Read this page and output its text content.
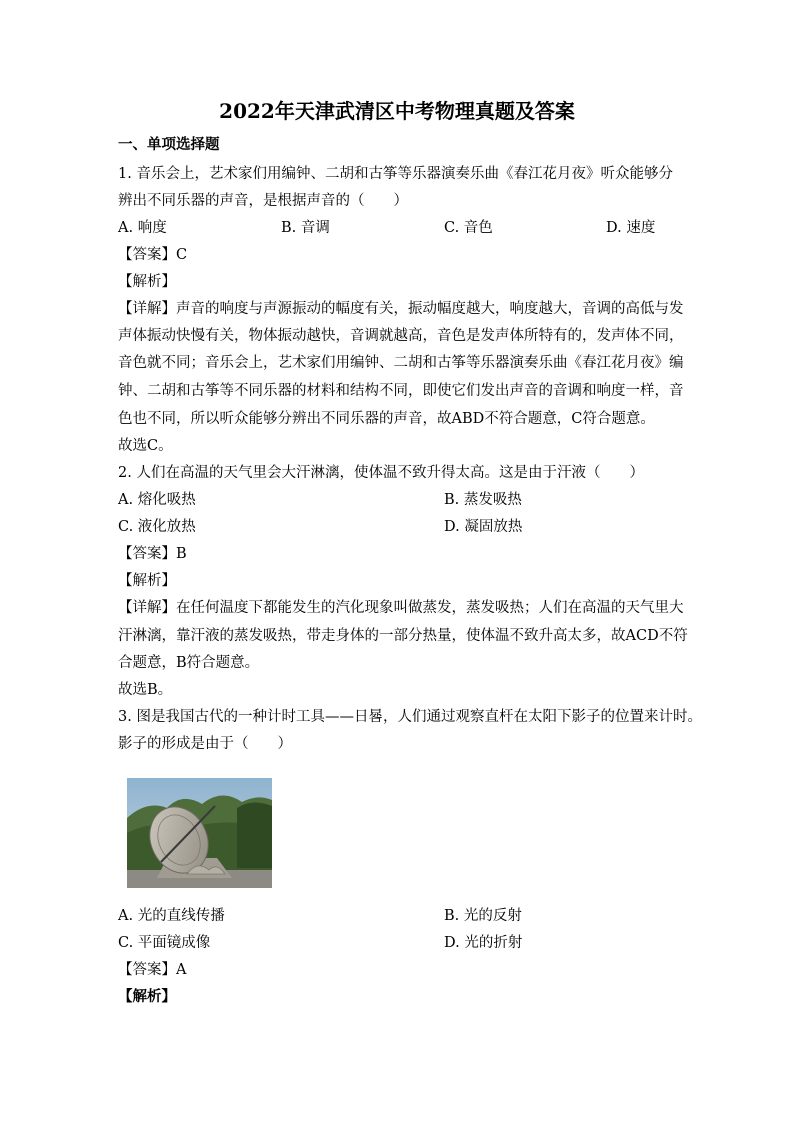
2022年天津武清区中考物理真题及答案
一、单项选择题
1. 音乐会上，艺术家们用编钟、二胡和古筝等乐器演奏乐曲《春江花月夜》听众能够分
辨出不同乐器的声音，是根据声音的（　　）
A. 响度	B. 音调	C. 音色	D. 速度
【答案】C
【解析】
【详解】声音的响度与声源振动的幅度有关，振动幅度越大，响度越大，音调的高低与发
声体振动快慢有关，物体振动越快，音调就越高，音色是发声体所特有的，发声体不同，
音色就不同；音乐会上，艺术家们用编钟、二胡和古筝等乐器演奏乐曲《春江花月夜》编
钟、二胡和古筝等不同乐器的材料和结构不同，即使它们发出声音的音调和响度一样，音
色也不同，所以听众能够分辨出不同乐器的声音，故ABD不符合题意，C符合题意。
故选C。
2. 人们在高温的天气里会大汗淋漓，使体温不致升得太高。这是由于汗液（　　）
A. 熔化吸热	B. 蒸发吸热
C. 液化放热	D. 凝固放热
【答案】B
【解析】
【详解】在任何温度下都能发生的汽化现象叫做蒸发，蒸发吸热；人们在高温的天气里大
汗淋漓，靠汗液的蒸发吸热，带走身体的一部分热量，使体温不致升高太多，故ACD不符
合题意，B符合题意。
故选B。
3. 图是我国古代的一种计时工具——日晷，人们通过观察直杆在太阳下影子的位置来计时。
影子的形成是由于（　　）
A. 光的直线传播	B. 光的反射
C. 平面镜成像	D. 光的折射
【答案】A
【解析】
